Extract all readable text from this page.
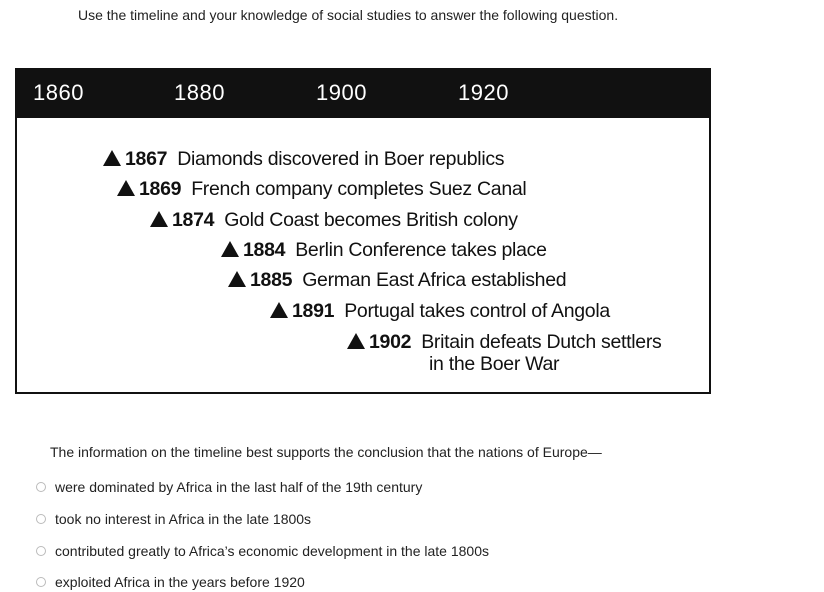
Use the timeline and your knowledge of social studies to answer the following question.
1860	1880	1900	1920
1867 Diamonds discovered in Boer republics
1869 French company completes Suez Canal
1874 Gold Coast becomes British colony
1884 Berlin Conference takes place
1885 German East Africa established
1891 Portugal takes control of Angola
1902 Britain defeats Dutch settlers
in the Boer War
The information on the timeline best supports the conclusion that the nations of Europe—
were dominated by Africa in the last half of the 19th century
took no interest in Africa in the late 1800s
contributed greatly to Africa’s economic development in the late 1800s
exploited Africa in the years before 1920
